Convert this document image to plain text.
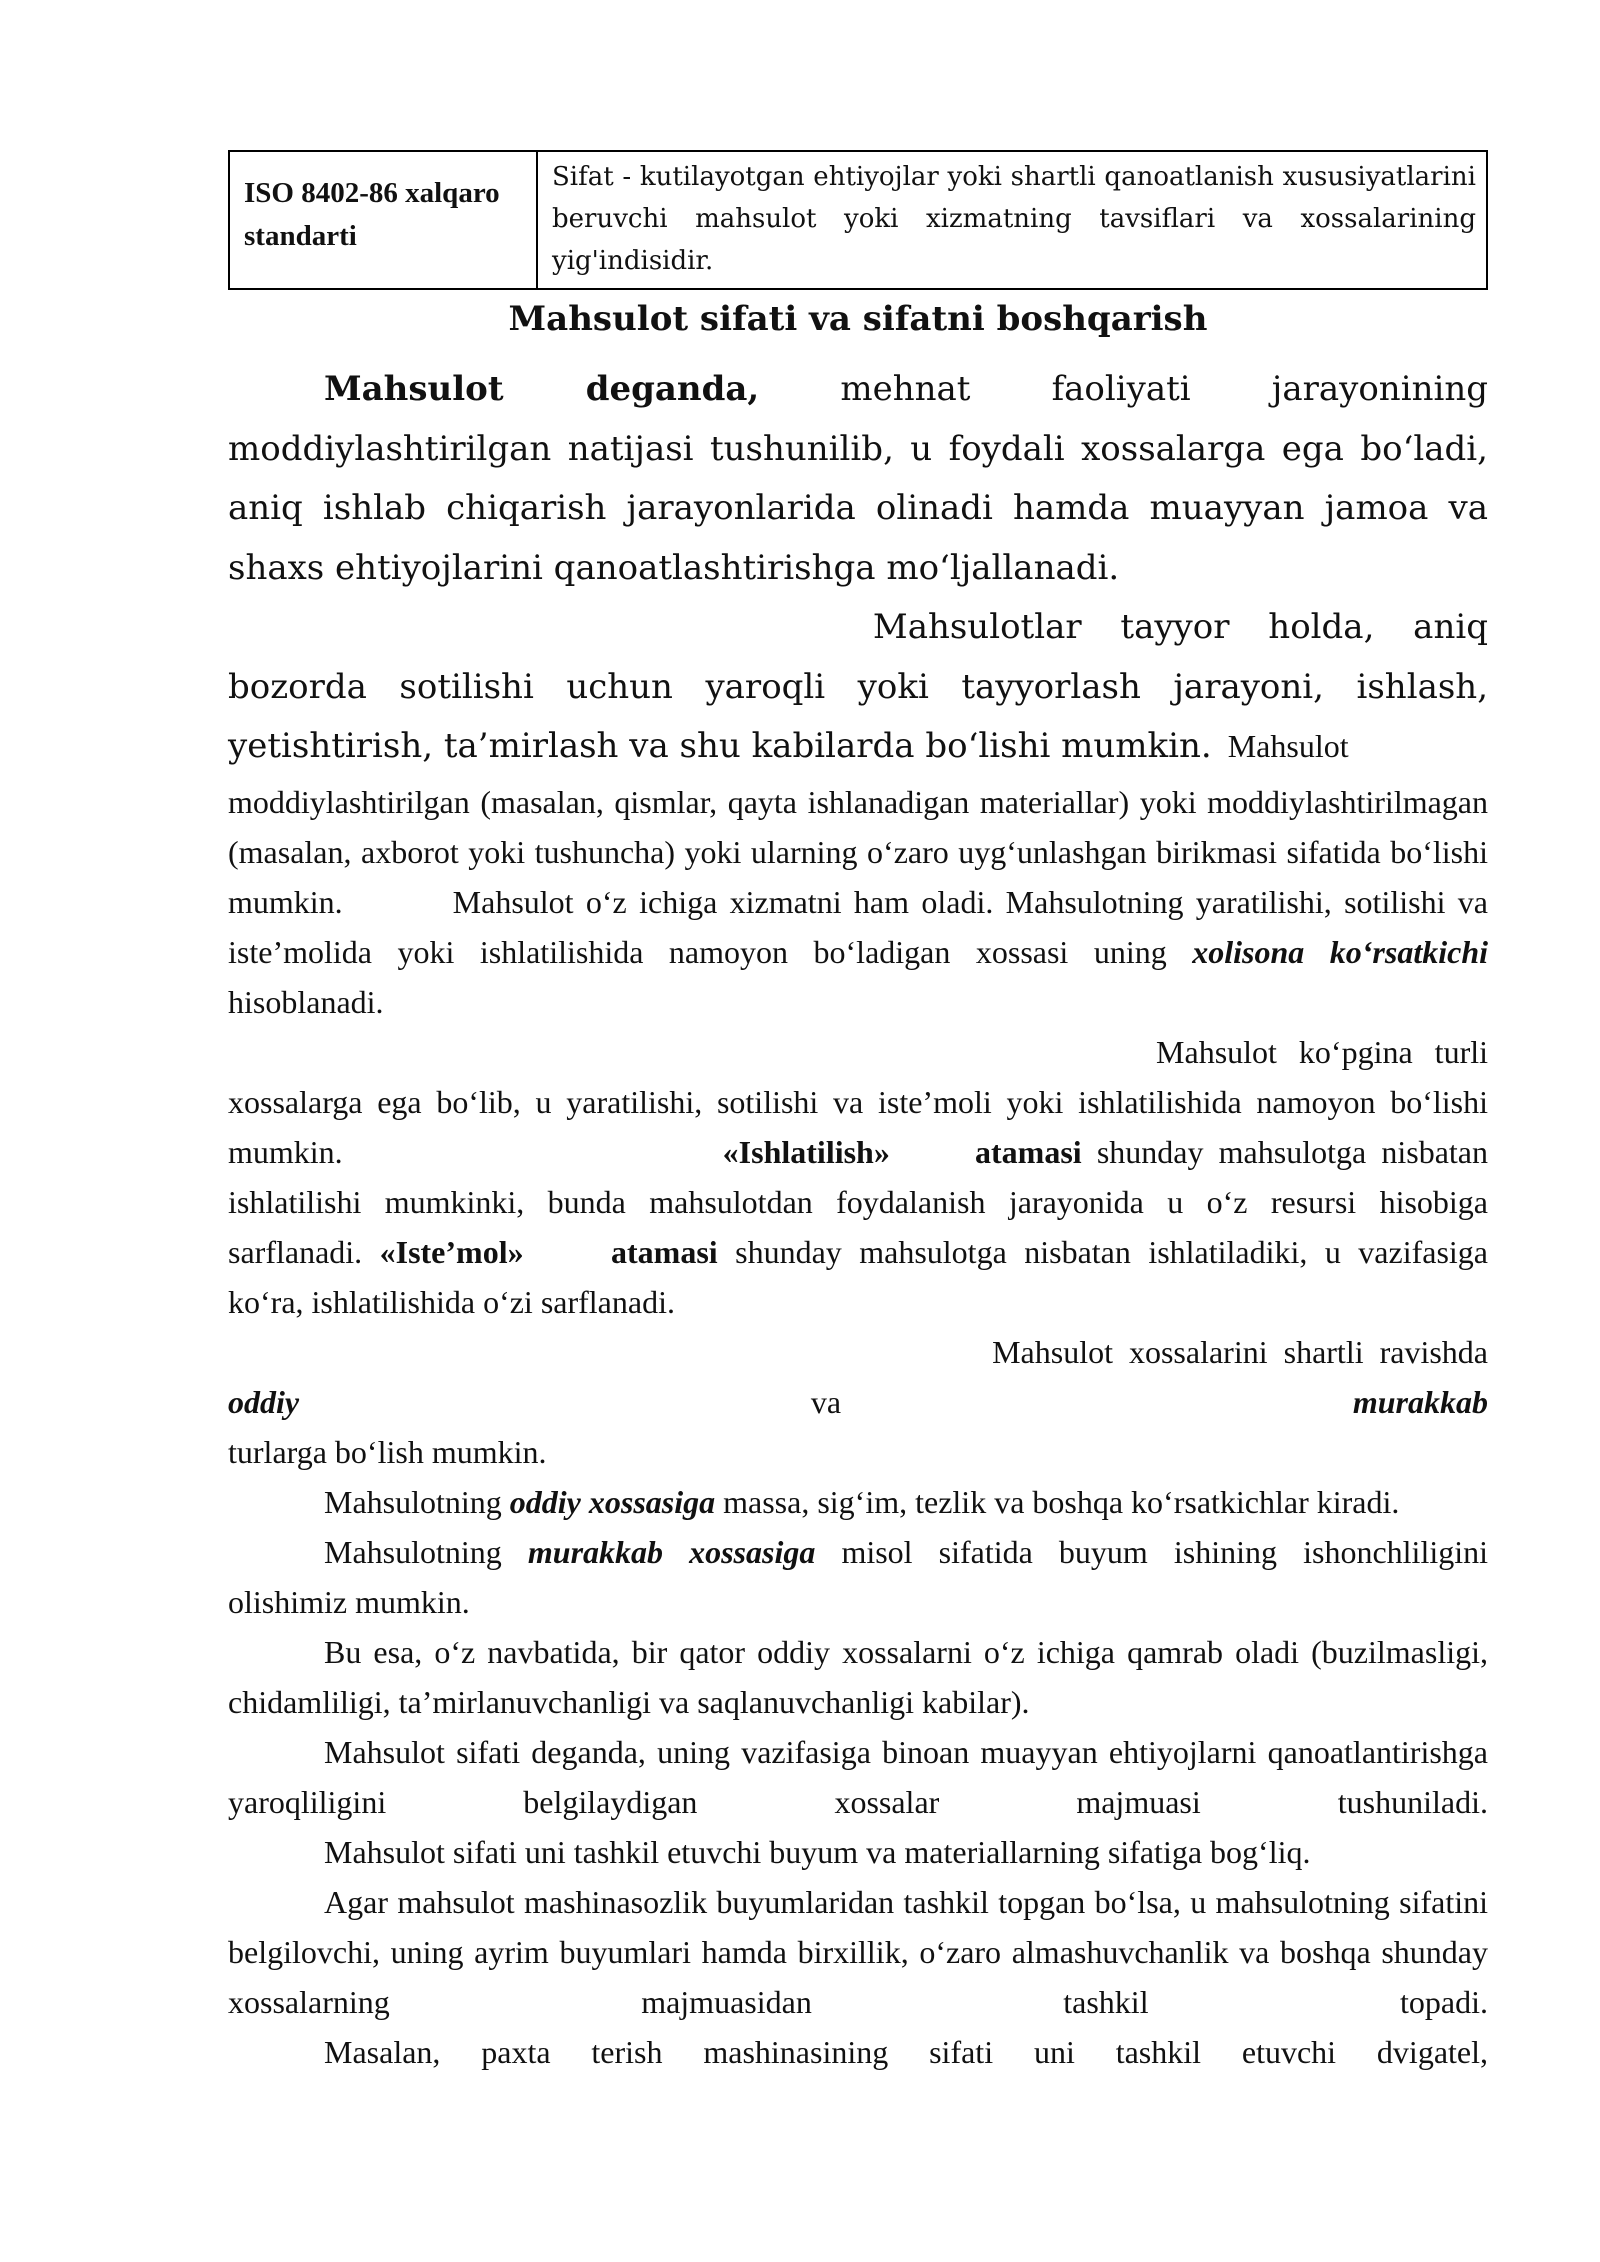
ISO 8402-86 xalqaro standarti	Sifat - kutilayotgan ehtiyojlar yoki shartli qanoatlanish xususiyatlarini beruvchi mahsulot yoki xizmatning tavsiflari va xossalarining yig'indisidir.
Mahsulot sifati va sifatni boshqarish

Mahsulot deganda, mehnat faoliyati jarayonining moddiylashtirilgan natijasi tushunilib, u foydali xossalarga ega bo‘ladi, aniq ishlab chiqarish jarayonlarida olinadi hamda muayyan jamoa va shaxs ehtiyojlarini qanoatlashtirishga mo‘ljallanadi.

Mahsulotlar tayyor holda, aniq

bozorda sotilishi uchun yaroqli yoki tayyorlash jarayoni, ishlash, yetishtirish, ta’mirlash va shu kabilarda bo‘lishi mumkin. Mahsulot

moddiylashtirilgan (masalan, qismlar, qayta ishlanadigan materiallar) yoki moddiylashtirilmagan (masalan, axborot yoki tushuncha) yoki ularning o‘zaro uyg‘unlashgan birikmasi sifatida bo‘lishi mumkin.	Mahsulot o‘z ichiga xizmatni ham oladi. Mahsulotning yaratilishi, sotilishi va iste’molida yoki ishlatilishida namoyon bo‘ladigan xossasi uning xolisona ko‘rsatkichi hisoblanadi.

Mahsulot ko‘pgina turli

xossalarga ega bo‘lib, u yaratilishi, sotilishi va iste’moli yoki ishlatilishida namoyon bo‘lishi mumkin.	«Ishlatilish» atamasi shunday mahsulotga nisbatan ishlatilishi mumkinki, bunda mahsulotdan foydalanish jarayonida u o‘z resursi hisobiga sarflanadi. «Iste’mol» atamasi shunday mahsulotga nisbatan ishlatiladiki, u vazifasiga ko‘ra, ishlatilishida o‘zi sarflanadi.

Mahsulot xossalarini shartli ravishda
oddiy	va	murakkab
turlarga bo‘lish mumkin.

Mahsulotning oddiy xossasiga massa, sig‘im, tezlik va boshqa ko‘rsatkichlar kiradi.

Mahsulotning murakkab xossasiga misol sifatida buyum ishining ishonchliligini olishimiz mumkin.

Bu esa, o‘z navbatida, bir qator oddiy xossalarni o‘z ichiga qamrab oladi (buzilmasligi, chidamliligi, ta’mirlanuvchanligi va saqlanuvchanligi kabilar).

Mahsulot sifati deganda, uning vazifasiga binoan muayyan ehtiyojlarni qanoatlantirishga yaroqliligini belgilaydigan xossalar majmuasi tushuniladi.

Mahsulot sifati uni tashkil etuvchi buyum va materiallarning sifatiga bog‘liq.

Agar mahsulot mashinasozlik buyumlaridan tashkil topgan bo‘lsa, u mahsulotning sifatini belgilovchi, uning ayrim buyumlari hamda birxillik, o‘zaro almashuvchanlik va boshqa shunday xossalarning majmuasidan tashkil topadi.

Masalan, paxta terish mashinasining sifati uni tashkil etuvchi dvigatel,
